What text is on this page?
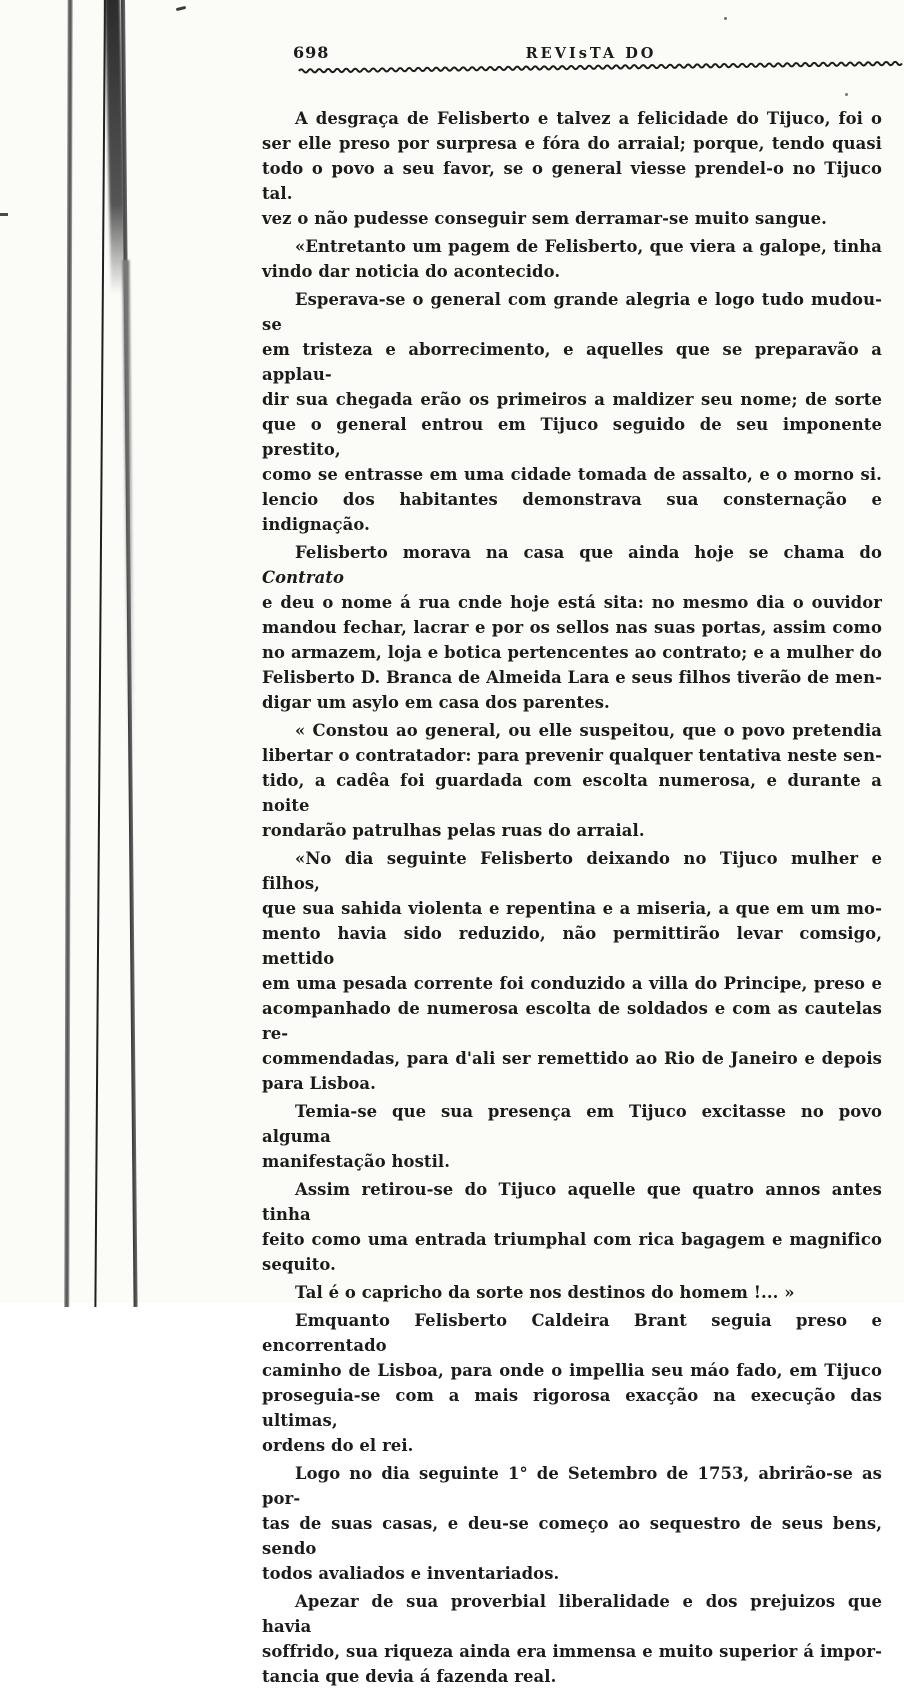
698	REVIsTA DO

A desgraça de Felisberto e talvez a felicidade do Tijuco, foi o
ser elle preso por surpresa e fóra do arraial; porque, tendo quasi
todo o povo a seu favor, se o general viesse prendel-o no Tijuco tal.
vez o não pudesse conseguir sem derramar-se muito sangue.

«Entretanto um pagem de Felisberto, que viera a galope, tinha
vindo dar noticia do acontecido.

Esperava-se o general com grande alegria e logo tudo mudou-se
em tristeza e aborrecimento, e aquelles que se preparavão a applau-
dir sua chegada erão os primeiros a maldizer seu nome; de sorte
que o general entrou em Tijuco seguido de seu imponente prestito,
como se entrasse em uma cidade tomada de assalto, e o morno si.
lencio dos habitantes demonstrava sua consternação e indignação.

Felisberto morava na casa que ainda hoje se chama do Contrato
e deu o nome á rua cnde hoje está sita: no mesmo dia o ouvidor
mandou fechar, lacrar e por os sellos nas suas portas, assim como
no armazem, loja e botica pertencentes ao contrato; e a mulher do
Felisberto D. Branca de Almeida Lara e seus filhos tiverão de men-
digar um asylo em casa dos parentes.

« Constou ao general, ou elle suspeitou, que o povo pretendia
libertar o contratador: para prevenir qualquer tentativa neste sen-
tido, a cadêa foi guardada com escolta numerosa, e durante a noite
rondarão patrulhas pelas ruas do arraial.

«No dia seguinte Felisberto deixando no Tijuco mulher e filhos,
que sua sahida violenta e repentina e a miseria, a que em um mo-
mento havia sido reduzido, não permittirão levar comsigo, mettido
em uma pesada corrente foi conduzido a villa do Principe, preso e
acompanhado de numerosa escolta de soldados e com as cautelas re-
commendadas, para d'ali ser remettido ao Rio de Janeiro e depois
para Lisboa.

Temia-se que sua presença em Tijuco excitasse no povo alguma
manifestação hostil.

Assim retirou-se do Tijuco aquelle que quatro annos antes tinha
feito como uma entrada triumphal com rica bagagem e magnifico
sequito.

Tal é o capricho da sorte nos destinos do homem !... »

Emquanto Felisberto Caldeira Brant seguia preso e encorrentado
caminho de Lisboa, para onde o impellia seu máo fado, em Tijuco
proseguia-se com a mais rigorosa exacção na execução das ultimas,
ordens do el rei.

Logo no dia seguinte 1° de Setembro de 1753, abrirão-se as por-
tas de suas casas, e deu-se começo ao sequestro de seus bens, sendo
todos avaliados e inventariados.

Apezar de sua proverbial liberalidade e dos prejuizos que havia
soffrido, sua riqueza ainda era immensa e muito superior á impor-
tancia que devia á fazenda real.
